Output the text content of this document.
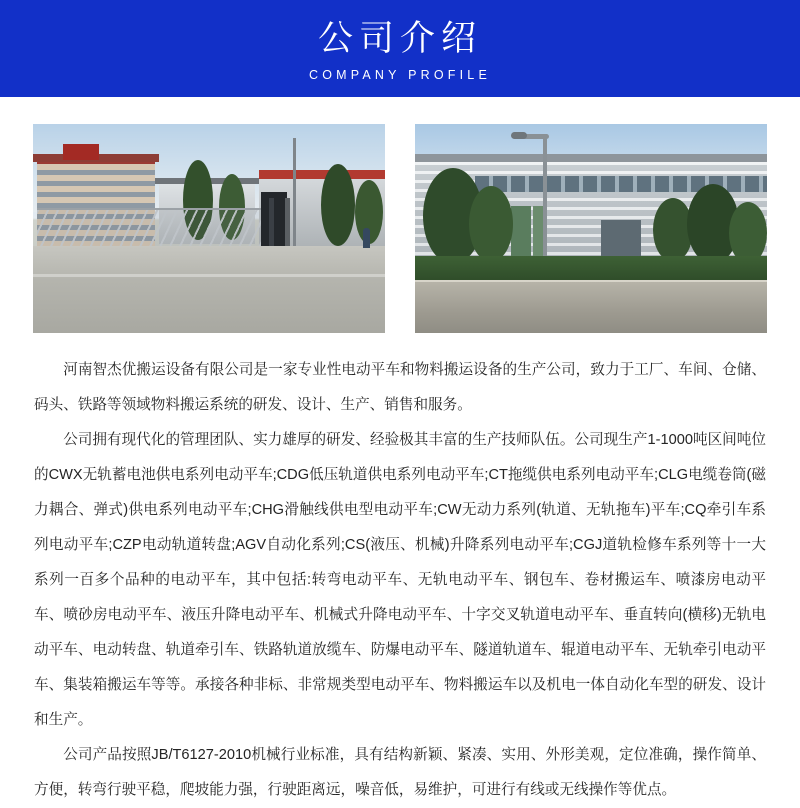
公司介绍
COMPANY PROFILE

河南智杰优搬运设备有限公司是一家专业性电动平车和物料搬运设备的生产公司，致力于工厂、车间、仓储、码头、铁路等领域物料搬运系统的研发、设计、生产、销售和服务。

公司拥有现代化的管理团队、实力雄厚的研发、经验极其丰富的生产技师队伍。公司现生产1-1000吨区间吨位的CWX无轨蓄电池供电系列电动平车;CDG低压轨道供电系列电动平车;CT拖缆供电系列电动平车;CLG电缆卷筒(磁力耦合、弹式)供电系列电动平车;CHG滑触线供电型电动平车;CW无动力系列(轨道、无轨拖车)平车;CQ牵引车系列电动平车;CZP电动轨道转盘;AGV自动化系列;CS(液压、机械)升降系列电动平车;CGJ道轨检修车系列等十一大系列一百多个品种的电动平车，其中包括:转弯电动平车、无轨电动平车、钢包车、卷材搬运车、喷漆房电动平车、喷砂房电动平车、液压升降电动平车、机械式升降电动平车、十字交叉轨道电动平车、垂直转向(横移)无轨电动平车、电动转盘、轨道牵引车、铁路轨道放缆车、防爆电动平车、隧道轨道车、辊道电动平车、无轨牵引电动平车、集装箱搬运车等等。承接各种非标、非常规类型电动平车、物料搬运车以及机电一体自动化车型的研发、设计和生产。

公司产品按照JB/T6127-2010机械行业标准，具有结构新颖、紧凑、实用、外形美观，定位准确，操作简单、方便，转弯行驶平稳，爬坡能力强，行驶距离远，噪音低，易维护，可进行有线或无线操作等优点。
